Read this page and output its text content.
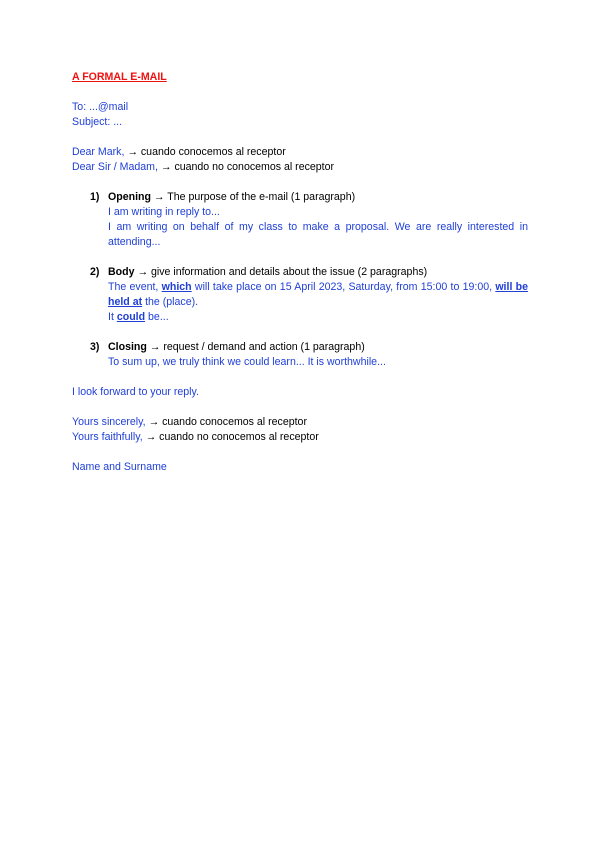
A FORMAL E-MAIL

To: ...@mail

Subject: ...

Dear Mark, → cuando conocemos al receptor

Dear Sir / Madam, → cuando no conocemos al receptor

1) Opening → The purpose of the e-mail (1 paragraph)
I am writing in reply to...
I am writing on behalf of my class to make a proposal. We are really interested in attending...
2) Body → give information and details about the issue (2 paragraphs)
The event, which will take place on 15 April 2023, Saturday, from 15:00 to 19:00, will be held at the (place).
It could be...
3) Closing → request / demand and action (1 paragraph)
To sum up, we truly think we could learn... It is worthwhile...

I look forward to your reply.

Yours sincerely, → cuando conocemos al receptor

Yours faithfully, → cuando no conocemos al receptor

Name and Surname
